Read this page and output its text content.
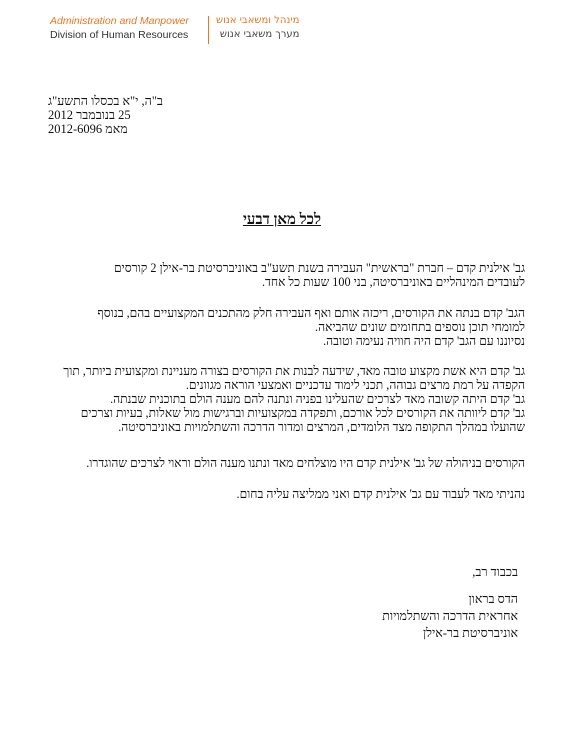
Administration and Manpower
Division of Human Resources
מינהל ומשאבי אנוש
מערך משאבי אנוש
ב"ה, י"א בכסלו התשע"ג
25 בנובמבר 2012
מאמ 2012-6096
לכל מאן דבעי
גב' אילנית קדם – חברת "בראשית" העבירה בשנת תשע"ב באוניברסיטת בר-אילן 2 קורסים
לעובדים המינהליים באוניברסיטה, בני 100 שעות כל אחד.
הגב' קדם בנתה את הקורסים, ריכזה אותם ואף העבירה חלק מהתכנים המקצועיים בהם, בנוסף
למומחי תוכן נוספים בתחומים שונים שהביאה.
נסיוננו עם הגב' קדם היה חוויה נעימה וטובה.
גב' קדם היא אשת מקצוע טובה מאד, שידעה לבנות את הקורסים בצורה מעניינת ומקצועית ביותר, תוך
הקפדה על רמת מרצים גבוהה, תכני לימוד עדכניים ואמצעי הוראה מגוונים.
גב' קדם היתה קשובה מאד לצרכים שהעלינו בפניה ונתנה להם מענה הולם בתוכנית שבנתה.
גב' קדם ליוותה את הקורסים לכל אורכם, ותפקדה במקצועיות וברגישות מול שאלות, בעיות וצרכים
שהועלו במהלך התקופה מצד הלומדים, המרצים ומדור הדרכה והשתלמויות באוניברסיטה.
הקורסים בניהולה של גב' אילנית קדם היו מוצלחים מאד ונתנו מענה הולם וראוי לצרכים שהוגדרו.
נהניתי מאד לעבוד עם גב' אילנית קדם ואני ממליצה עליה בחום.
בכבוד רב,
הדס בראון
אחראית הדרכה והשתלמויות
אוניברסיטת בר-אילן
